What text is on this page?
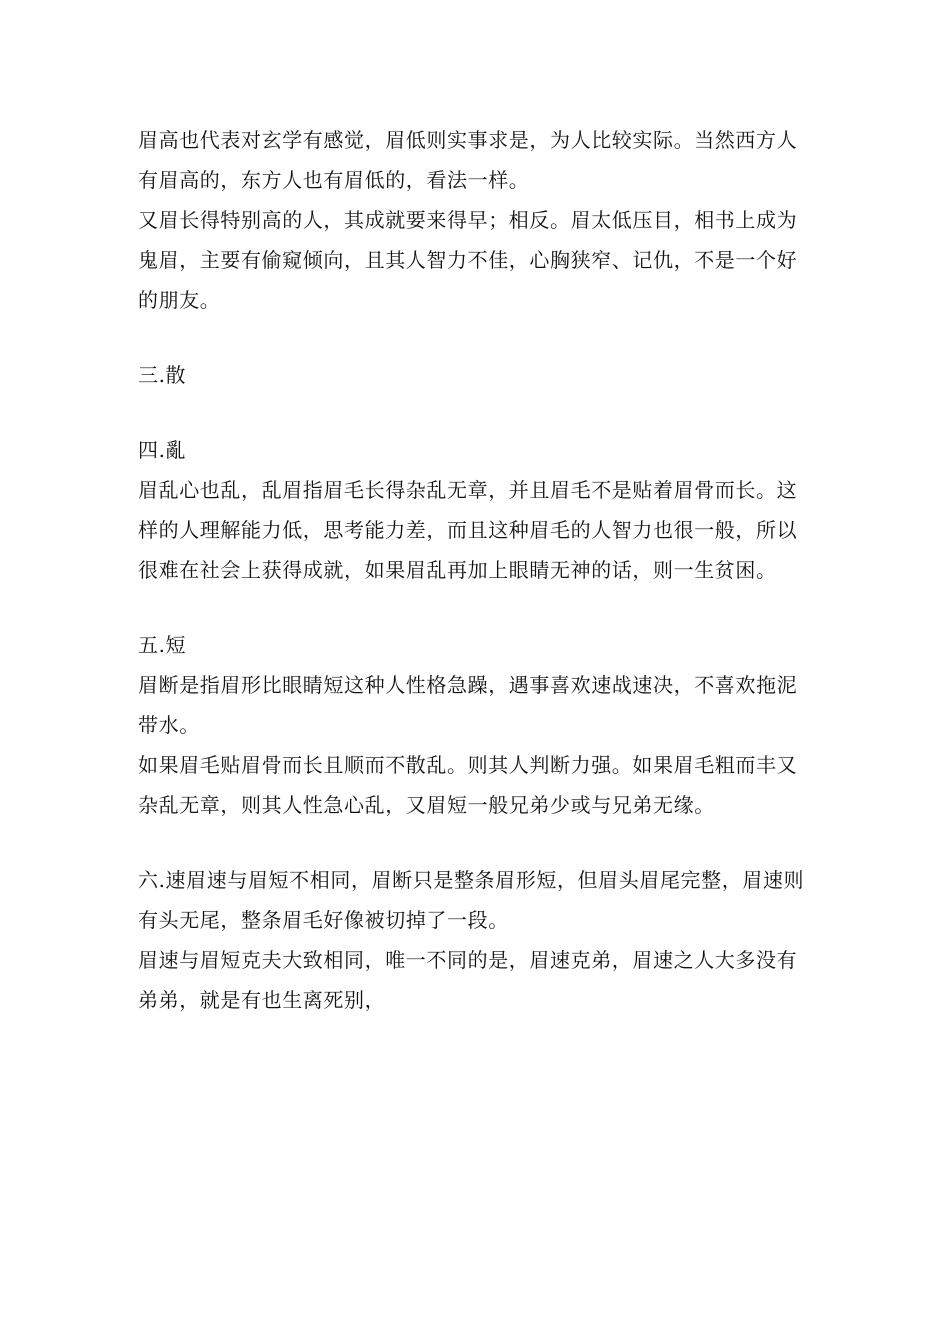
眉高也代表对玄学有感觉，眉低则实事求是，为人比较实际。当然西方人有眉高的，东方人也有眉低的，看法一样。

又眉长得特别高的人，其成就要来得早；相反。眉太低压目，相书上成为鬼眉，主要有偷窥倾向，且其人智力不佳，心胸狭窄、记仇，不是一个好的朋友。

三.散

四.亂

眉乱心也乱，乱眉指眉毛长得杂乱无章，并且眉毛不是贴着眉骨而长。这样的人理解能力低，思考能力差，而且这种眉毛的人智力也很一般，所以很难在社会上获得成就，如果眉乱再加上眼睛无神的话，则一生贫困。

五.短

眉断是指眉形比眼睛短这种人性格急躁，遇事喜欢速战速决，不喜欢拖泥带水。

如果眉毛贴眉骨而长且顺而不散乱。则其人判断力强。如果眉毛粗而丰又杂乱无章，则其人性急心乱，又眉短一般兄弟少或与兄弟无缘。

六.速眉速与眉短不相同，眉断只是整条眉形短，但眉头眉尾完整，眉速则有头无尾，整条眉毛好像被切掉了一段。

眉速与眉短克夫大致相同，唯一不同的是，眉速克弟，眉速之人大多没有弟弟，就是有也生离死别，
